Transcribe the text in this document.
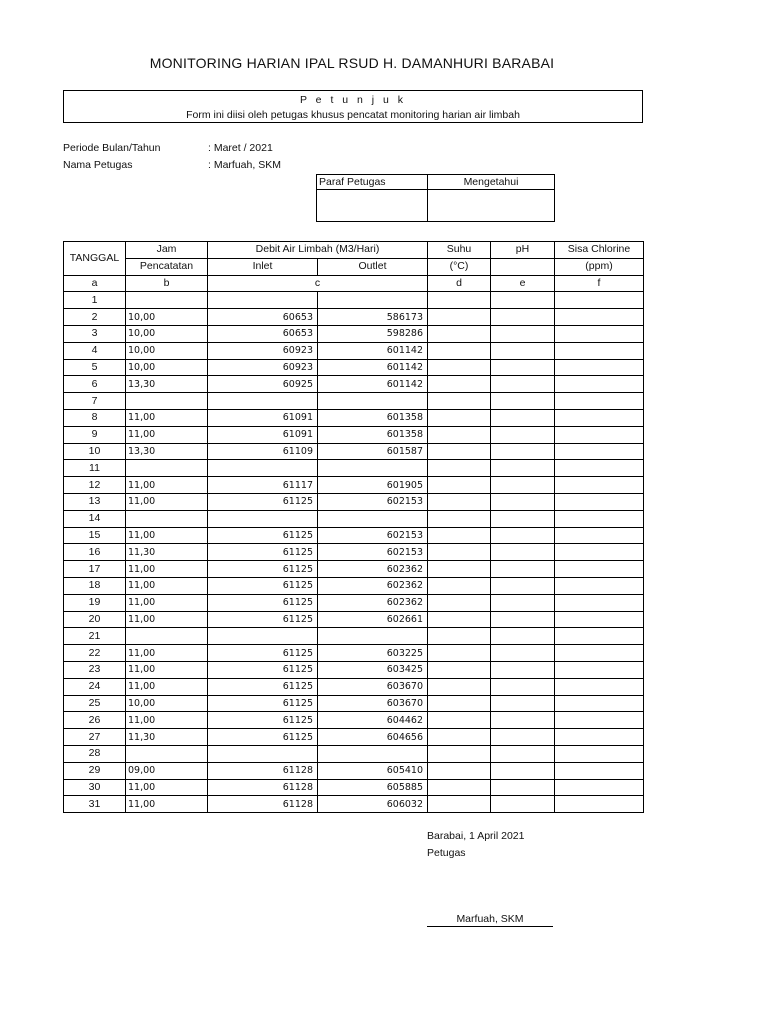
MONITORING HARIAN IPAL RSUD H. DAMANHURI BARABAI
P e t u n j u k
Form ini diisi oleh petugas khusus pencatat monitoring harian air limbah
Periode Bulan/Tahun	: Maret / 2021
Nama Petugas	: Marfuah, SKM
Paraf Petugas	Mengetahui

TANGGAL	Jam	Debit Air Limbah (M3/Hari)		Suhu	pH	Sisa Chlorine
	Pencatatan	Inlet	Outlet	(°C)		(ppm)
a	b	c		d	e	f
1						
2	10,00	60653	586173			
3	10,00	60653	598286			
4	10,00	60923	601142			
5	10,00	60923	601142			
6	13,30	60925	601142			
7						
8	11,00	61091	601358			
9	11,00	61091	601358			
10	13,30	61109	601587			
11						
12	11,00	61117	601905			
13	11,00	61125	602153			
14						
15	11,00	61125	602153			
16	11,30	61125	602153			
17	11,00	61125	602362			
18	11,00	61125	602362			
19	11,00	61125	602362			
20	11,00	61125	602661			
21						
22	11,00	61125	603225			
23	11,00	61125	603425			
24	11,00	61125	603670			
25	10,00	61125	603670			
26	11,00	61125	604462			
27	11,30	61125	604656			
28						
29	09,00	61128	605410			
30	11,00	61128	605885			
31	11,00	61128	606032			
Barabai, 1 April 2021
Petugas
Marfuah, SKM
